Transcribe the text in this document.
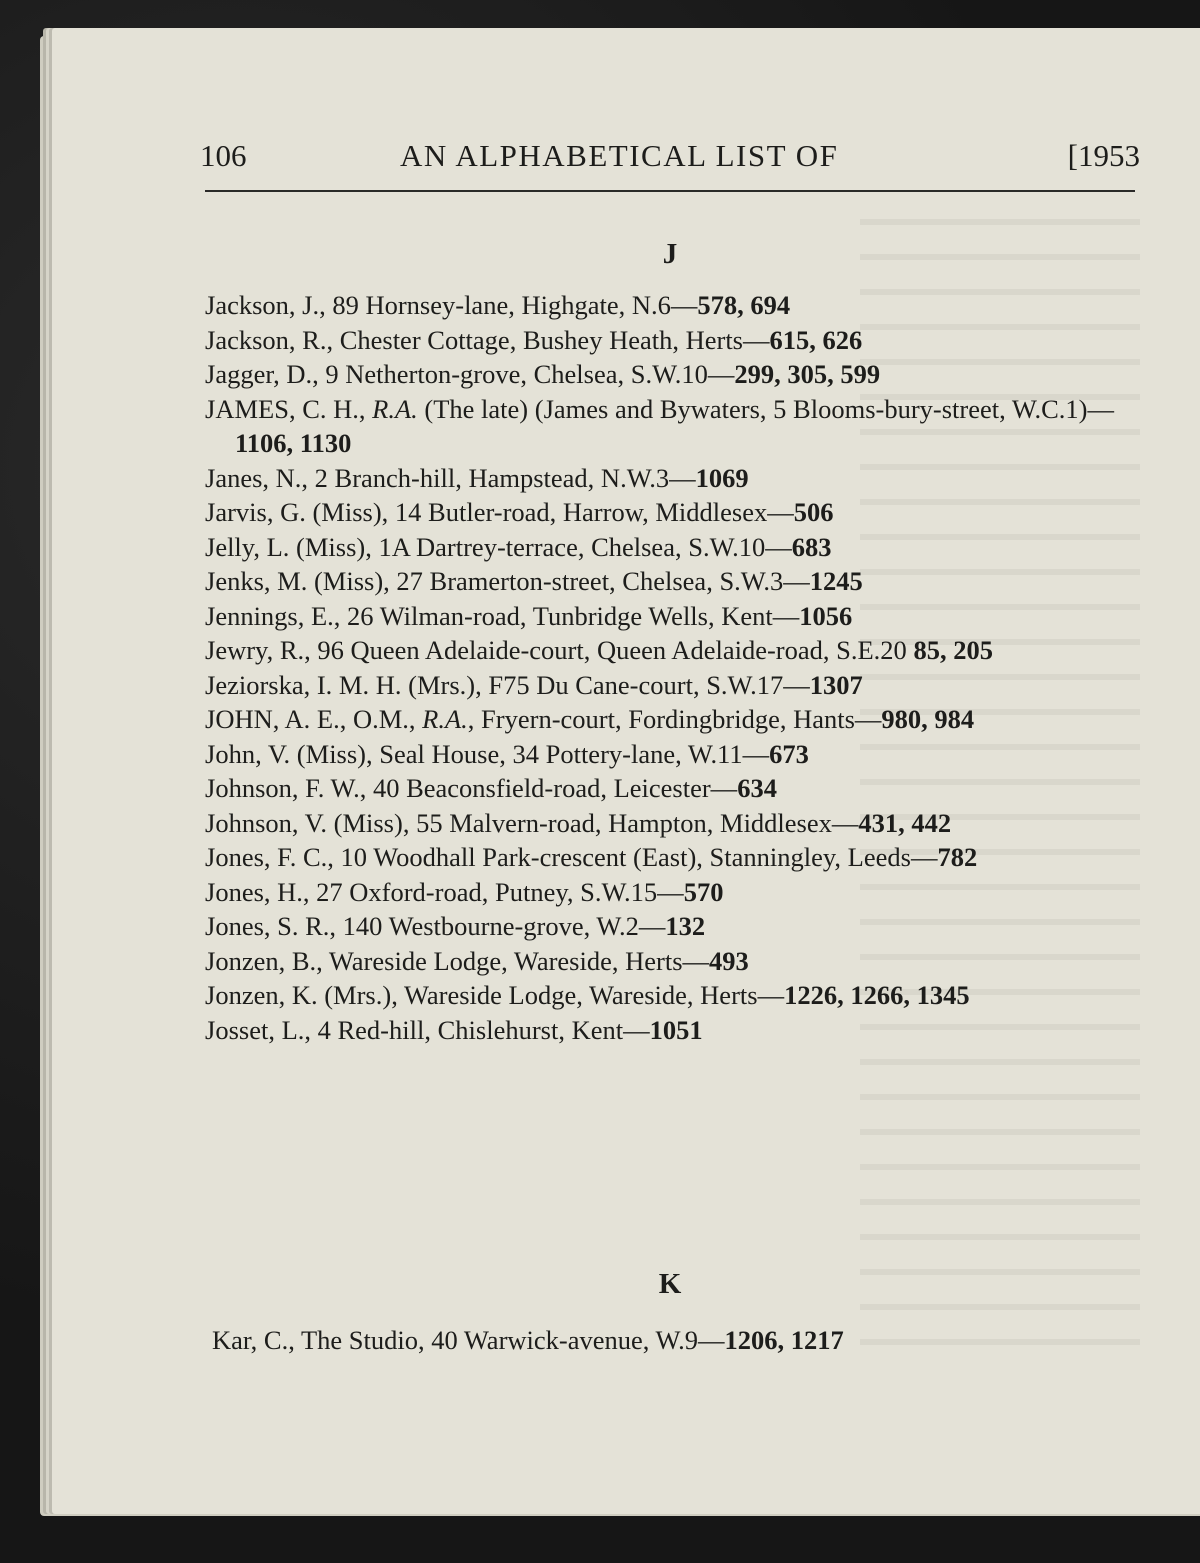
106	AN ALPHABETICAL LIST OF	[1953
J

Jackson, J., 89 Hornsey-lane, Highgate, N.6—578, 694

Jackson, R., Chester Cottage, Bushey Heath, Herts—615, 626

Jagger, D., 9 Netherton-grove, Chelsea, S.W.10—299, 305, 599

JAMES, C. H., R.A. (The late) (James and Bywaters, 5 Blooms-bury-street, W.C.1)—1106, 1130

Janes, N., 2 Branch-hill, Hampstead, N.W.3—1069

Jarvis, G. (Miss), 14 Butler-road, Harrow, Middlesex—506

Jelly, L. (Miss), 1A Dartrey-terrace, Chelsea, S.W.10—683

Jenks, M. (Miss), 27 Bramerton-street, Chelsea, S.W.3—1245

Jennings, E., 26 Wilman-road, Tunbridge Wells, Kent—1056

Jewry, R., 96 Queen Adelaide-court, Queen Adelaide-road, S.E.20 85, 205

Jeziorska, I. M. H. (Mrs.), F75 Du Cane-court, S.W.17—1307

JOHN, A. E., O.M., R.A., Fryern-court, Fordingbridge, Hants—980, 984

John, V. (Miss), Seal House, 34 Pottery-lane, W.11—673

Johnson, F. W., 40 Beaconsfield-road, Leicester—634

Johnson, V. (Miss), 55 Malvern-road, Hampton, Middlesex—431, 442

Jones, F. C., 10 Woodhall Park-crescent (East), Stanningley, Leeds—782

Jones, H., 27 Oxford-road, Putney, S.W.15—570

Jones, S. R., 140 Westbourne-grove, W.2—132

Jonzen, B., Wareside Lodge, Wareside, Herts—493

Jonzen, K. (Mrs.), Wareside Lodge, Wareside, Herts—1226, 1266, 1345

Josset, L., 4 Red-hill, Chislehurst, Kent—1051

K

Kar, C., The Studio, 40 Warwick-avenue, W.9—1206, 1217
